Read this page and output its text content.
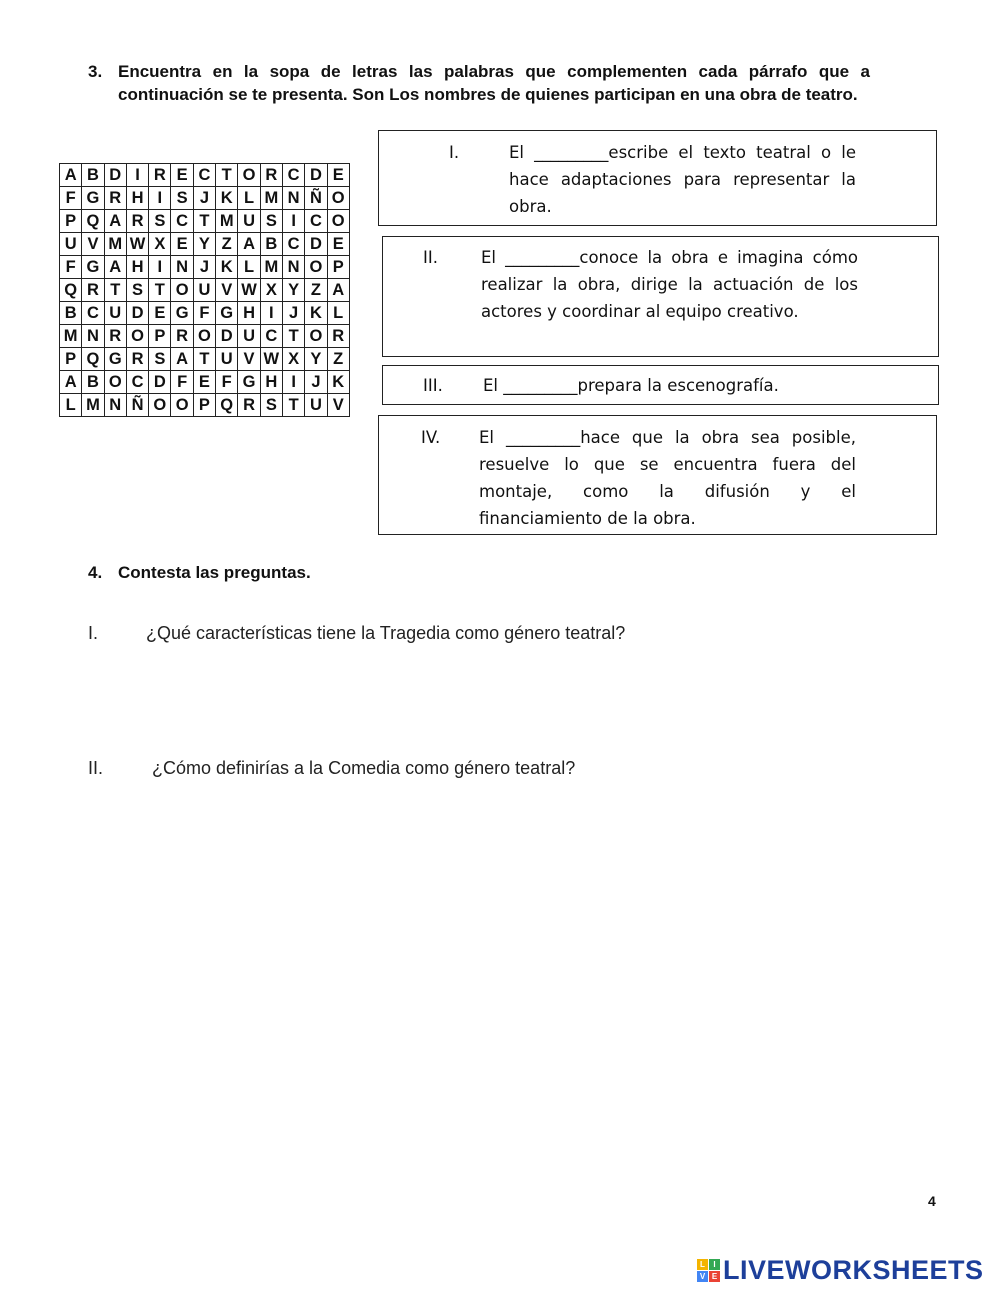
3. Encuentra en la sopa de letras las palabras que complementen cada párrafo que a continuación se te presenta. Son Los nombres de quienes participan en una obra de teatro.
A	B	D	I	R	E	C	T	O	R	C	D	E
F	G	R	H	I	S	J	K	L	M	N	Ñ	O
P	Q	A	R	S	C	T	M	U	S	I	C	O
U	V	M	W	X	E	Y	Z	A	B	C	D	E
F	G	A	H	I	N	J	K	L	M	N	O	P
Q	R	T	S	T	O	U	V	W	X	Y	Z	A
B	C	U	D	E	G	F	G	H	I	J	K	L
M	N	R	O	P	R	O	D	U	C	T	O	R
P	Q	G	R	S	A	T	U	V	W	X	Y	Z
A	B	O	C	D	F	E	F	G	H	I	J	K
L	M	N	Ñ	O	O	P	Q	R	S	T	U	V
I.	El _________escribe el texto teatral o le hace adaptaciones para representar la obra.
II.	El _________conoce la obra e imagina cómo realizar la obra, dirige la actuación de los actores y coordinar al equipo creativo.
III. El _________prepara la escenografía.
IV. El _________hace que la obra sea posible, resuelve lo que se encuentra fuera del montaje, como la difusión y el financiamiento de la obra.
4. Contesta las preguntas.
I.	¿Qué características tiene la Tragedia como género teatral?
II.	¿Cómo definirías a la Comedia como género teatral?
4
L	I
V E LIVEWORKSHEETS
